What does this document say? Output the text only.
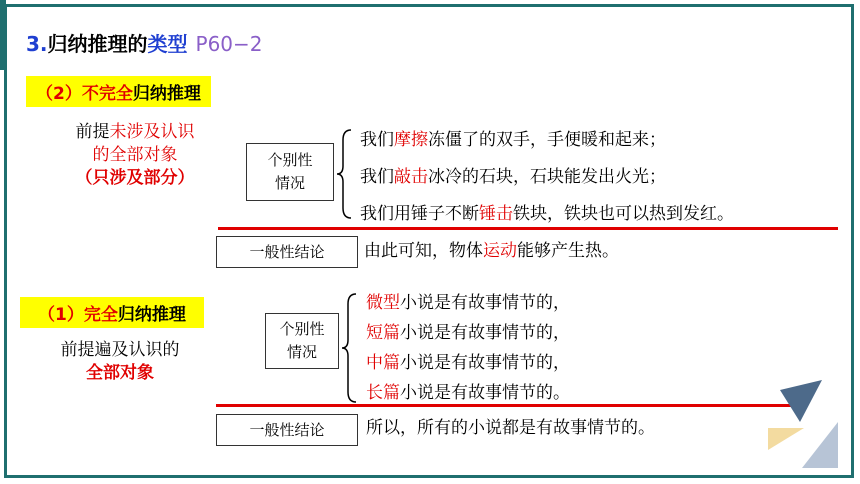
3.归纳推理的类型 P60−2
（2）不完全归纳推理
前提未涉及认识
的全部对象
（只涉及部分）
个别性
情况
我们摩擦冻僵了的双手，手便暖和起来；
我们敲击冰冷的石块，石块能发出火光；
我们用锤子不断锤击铁块，铁块也可以热到发红。
一般性结论	由此可知，物体运动能够产生热。
（1）完全归纳推理
前提遍及认识的
全部对象
个别性
情况
微型小说是有故事情节的，
短篇小说是有故事情节的，
中篇小说是有故事情节的，
长篇小说是有故事情节的。
一般性结论	所以，所有的小说都是有故事情节的。
